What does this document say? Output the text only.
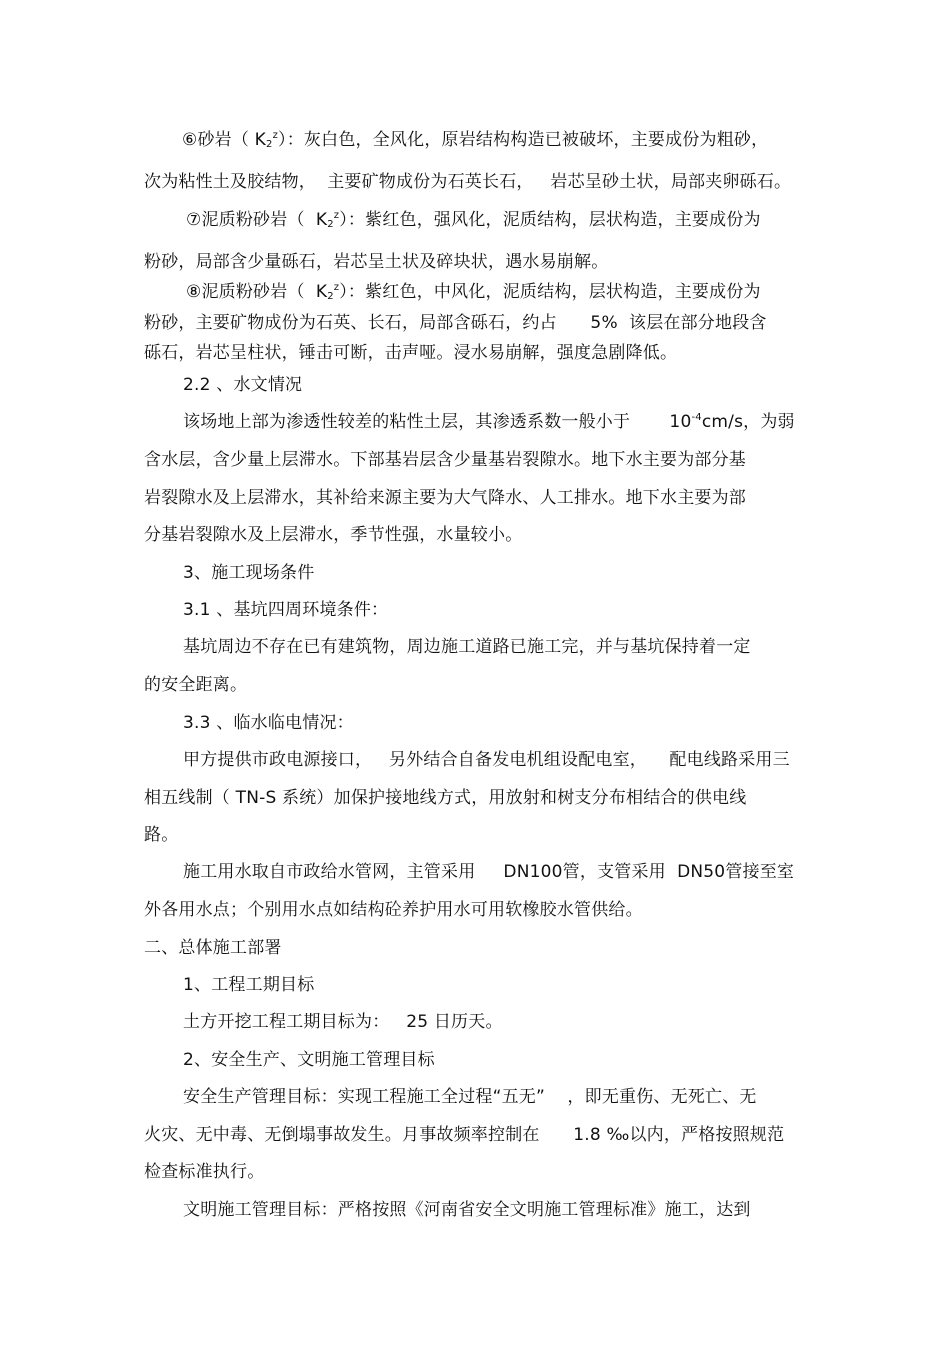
⑥砂岩（ $K_2^z$）：灰白色，全风化，原岩结构构造已被破坏，主要成份为粗砂，
次为粘性土及胶结物，  主要矿物成份为石英长石，   岩芯呈砂土状，局部夹卵砾石。
⑦泥质粉砂岩（  $K_2^z$）：紫红色，强风化，泥质结构，层状构造，主要成份为
粉砂，局部含少量砾石，岩芯呈土状及碎块状，遇水易崩解。
⑧泥质粉砂岩（  $K_2^z$）：紫红色，中风化，泥质结构，层状构造，主要成份为
粉砂，主要矿物成份为石英、长石，局部含砾石，约占      5%  该层在部分地段含
砾石，岩芯呈柱状，锤击可断，击声哑。浸水易崩解，强度急剧降低。
2.2 、水文情况
该场地上部为渗透性较差的粘性土层，其渗透系数一般小于       $10^{-4}cm/s$，为弱
含水层，含少量上层滞水。下部基岩层含少量基岩裂隙水。地下水主要为部分基
岩裂隙水及上层滞水，其补给来源主要为大气降水、人工排水。地下水主要为部
分基岩裂隙水及上层滞水，季节性强，水量较小。
3、施工现场条件
3.1 、基坑四周环境条件：
基坑周边不存在已有建筑物，周边施工道路已施工完，并与基坑保持着一定
的安全距离。
3.3 、临水临电情况：
甲方提供市政电源接口，   另外结合自备发电机组设配电室，    配电线路采用三
相五线制（ TN-S 系统）加保护接地线方式，用放射和树支分布相结合的供电线
路。
施工用水取自市政给水管网，主管采用     DN100管，支管采用  DN50管接至室
外各用水点；个别用水点如结构砼养护用水可用软橡胶水管供给。
二、总体施工部署
1、工程工期目标
土方开挖工程工期目标为：   25 日历天。
2、安全生产、文明施工管理目标
安全生产管理目标：实现工程施工全过程“五无”    ，即无重伤、无死亡、无
火灾、无中毒、无倒塌事故发生。月事故频率控制在      1.8 ‰以内，严格按照规范
检查标准执行。
文明施工管理目标：严格按照《河南省安全文明施工管理标准》施工，达到
